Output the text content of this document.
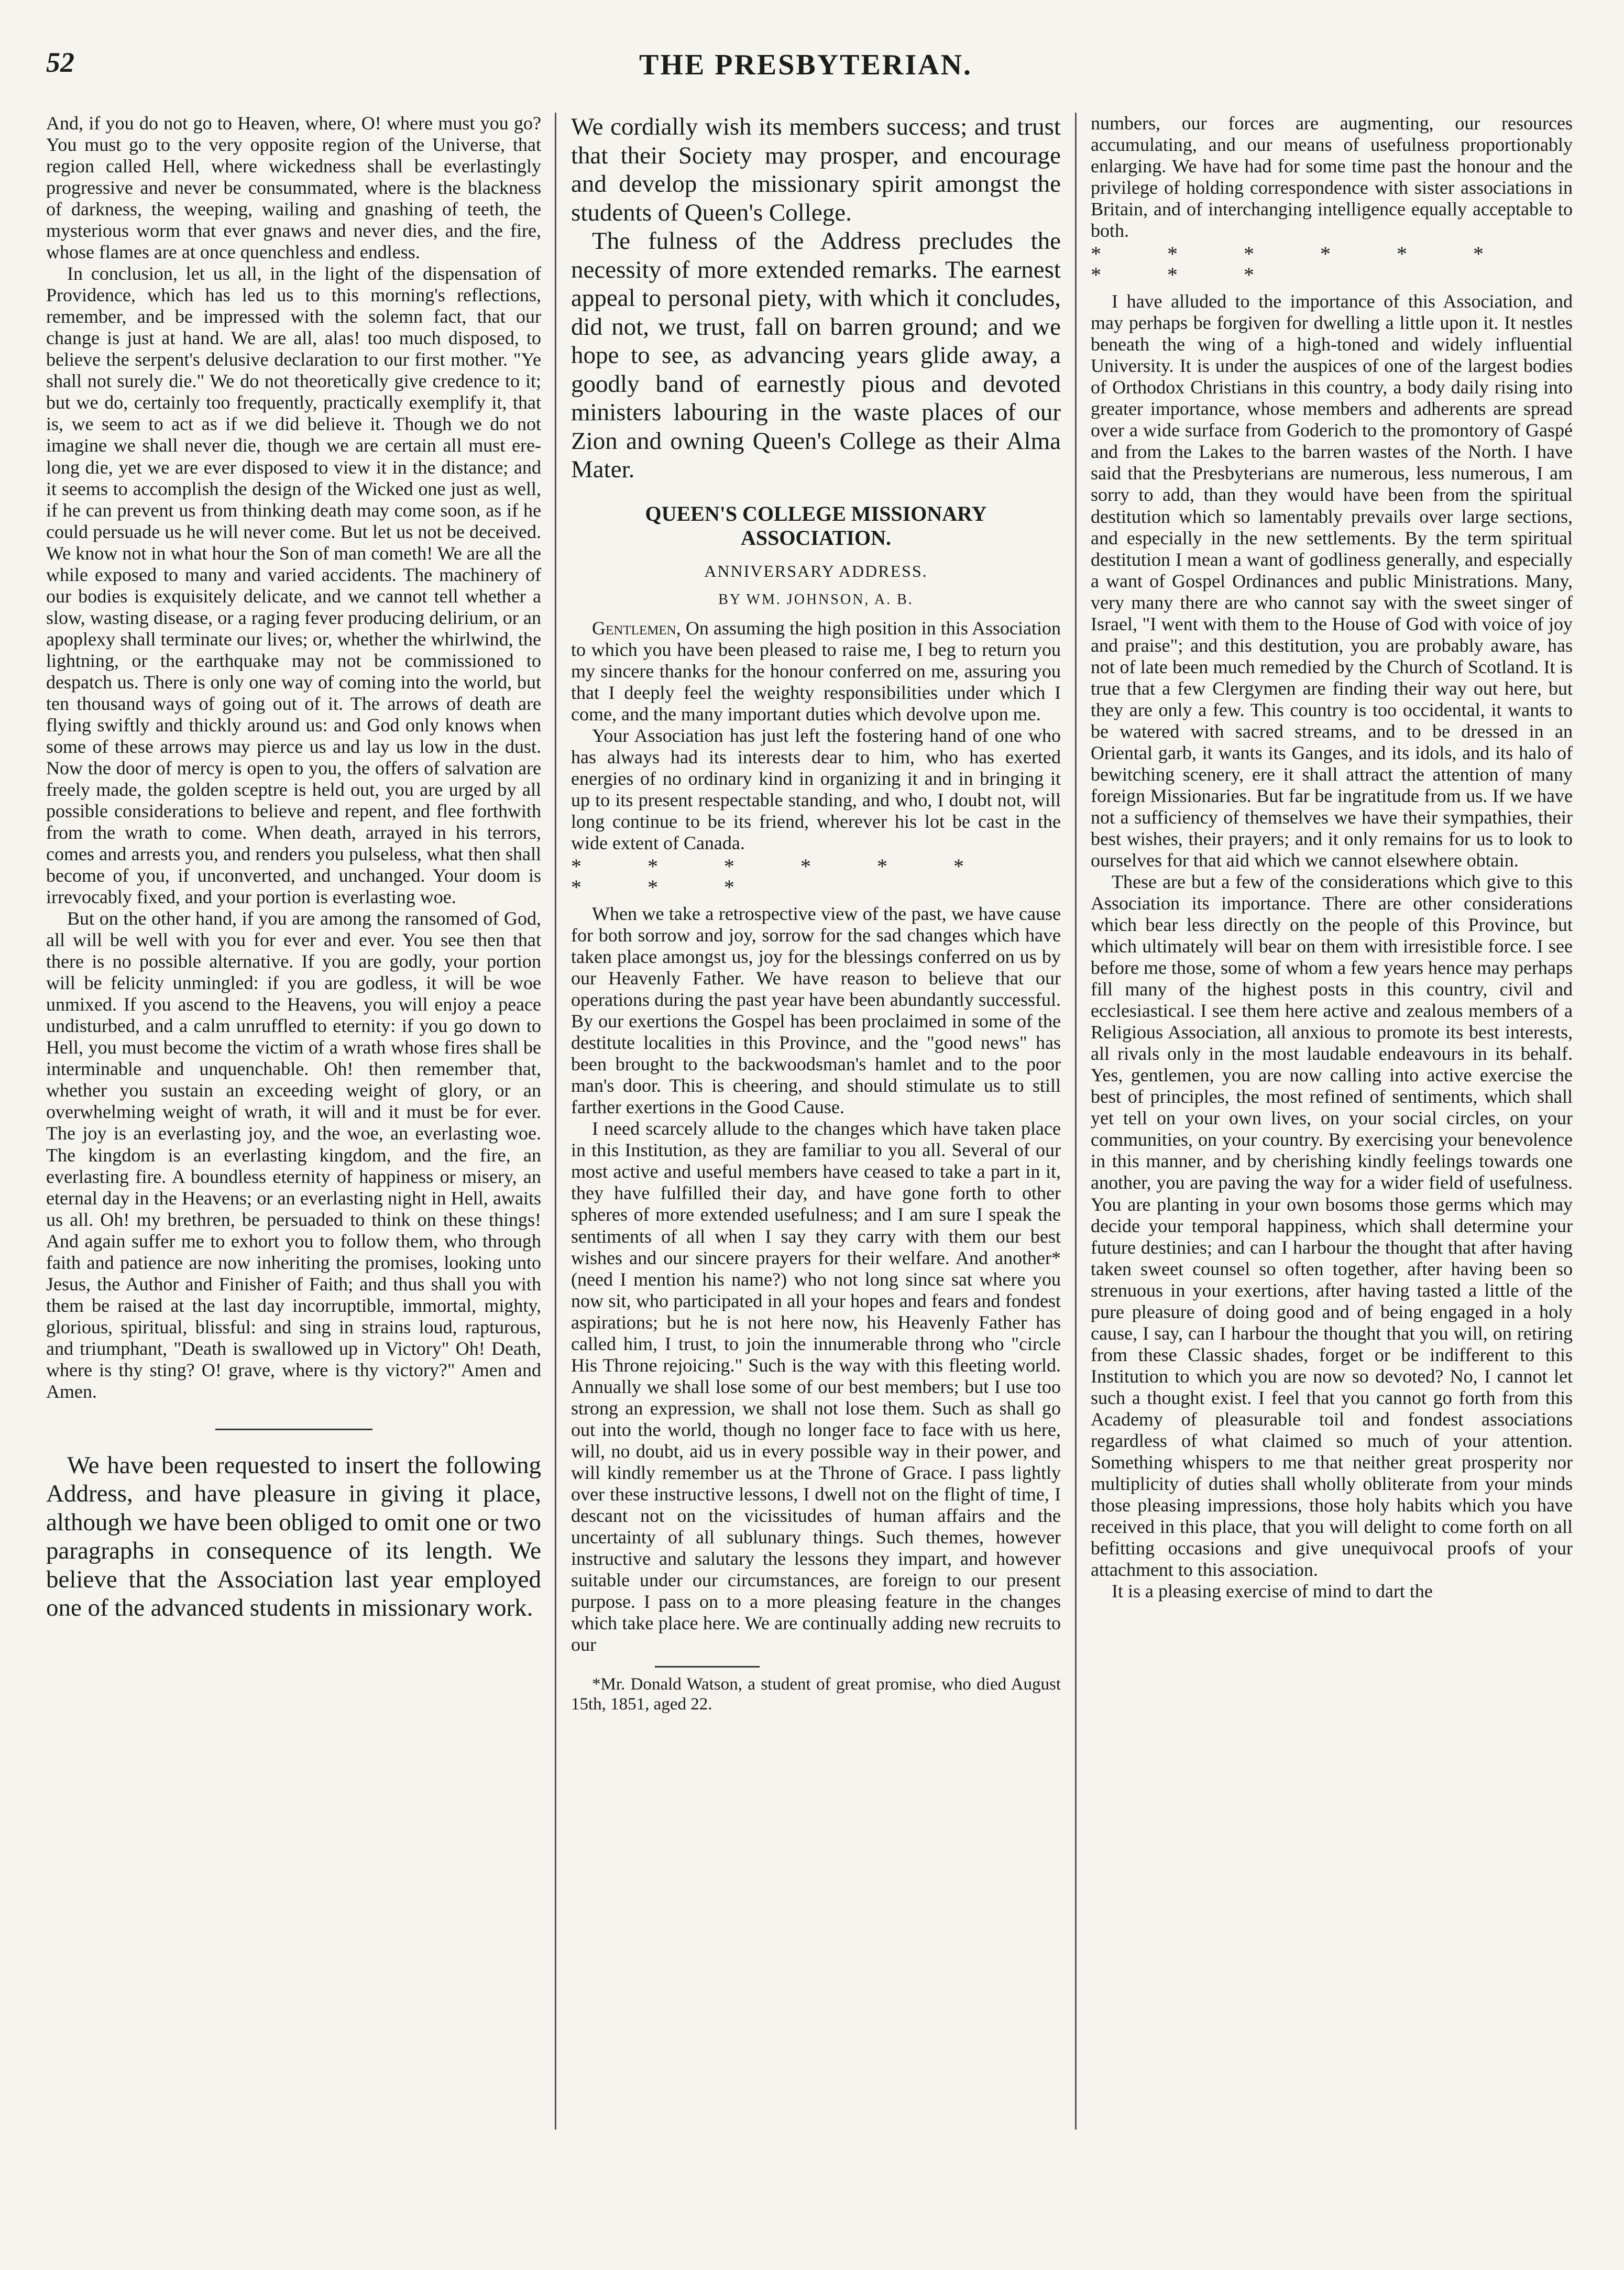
52	THE PRESBYTERIAN.

And, if you do not go to Heaven, where, O! where must you go? You must go to the very opposite region of the Universe, that region called Hell, where wickedness shall be everlastingly progressive and never be consummated, where is the blackness of darkness, the weeping, wailing and gnashing of teeth, the mysterious worm that ever gnaws and never dies, and the fire, whose flames are at once quenchless and endless.

In conclusion, let us all, in the light of the dispensation of Providence, which has led us to this morning's reflections, remember, and be impressed with the solemn fact, that our change is just at hand. We are all, alas! too much disposed, to believe the serpent's delusive declaration to our first mother. "Ye shall not surely die." We do not theoretically give credence to it; but we do, certainly too frequently, practically exemplify it, that is, we seem to act as if we did believe it. Though we do not imagine we shall never die, though we are certain all must ere-long die, yet we are ever disposed to view it in the distance; and it seems to accomplish the design of the Wicked one just as well, if he can prevent us from thinking death may come soon, as if he could persuade us he will never come. But let us not be deceived. We know not in what hour the Son of man cometh! We are all the while exposed to many and varied accidents. The machinery of our bodies is exquisitely delicate, and we cannot tell whether a slow, wasting disease, or a raging fever producing delirium, or an apoplexy shall terminate our lives; or, whether the whirlwind, the lightning, or the earthquake may not be commissioned to despatch us. There is only one way of coming into the world, but ten thousand ways of going out of it. The arrows of death are flying swiftly and thickly around us: and God only knows when some of these arrows may pierce us and lay us low in the dust. Now the door of mercy is open to you, the offers of salvation are freely made, the golden sceptre is held out, you are urged by all possible considerations to believe and repent, and flee forthwith from the wrath to come. When death, arrayed in his terrors, comes and arrests you, and renders you pulseless, what then shall become of you, if unconverted, and unchanged. Your doom is irrevocably fixed, and your portion is everlasting woe.

But on the other hand, if you are among the ransomed of God, all will be well with you for ever and ever. You see then that there is no possible alternative. If you are godly, your portion will be felicity unmingled: if you are godless, it will be woe unmixed. If you ascend to the Heavens, you will enjoy a peace undisturbed, and a calm unruffled to eternity: if you go down to Hell, you must become the victim of a wrath whose fires shall be interminable and unquenchable. Oh! then remember that, whether you sustain an exceeding weight of glory, or an overwhelming weight of wrath, it will and it must be for ever. The joy is an everlasting joy, and the woe, an everlasting woe. The kingdom is an everlasting kingdom, and the fire, an everlasting fire. A boundless eternity of happiness or misery, an eternal day in the Heavens; or an everlasting night in Hell, awaits us all. Oh! my brethren, be persuaded to think on these things! And again suffer me to exhort you to follow them, who through faith and patience are now inheriting the promises, looking unto Jesus, the Author and Finisher of Faith; and thus shall you with them be raised at the last day incorruptible, immortal, mighty, glorious, spiritual, blissful: and sing in strains loud, rapturous, and triumphant, "Death is swallowed up in Victory" Oh! Death, where is thy sting? O! grave, where is thy victory?" Amen and Amen.

We have been requested to insert the following Address, and have pleasure in giving it place, although we have been obliged to omit one or two paragraphs in consequence of its length. We believe that the Association last year employed one of the advanced students in missionary work.

We cordially wish its members success; and trust that their Society may prosper, and encourage and develop the missionary spirit amongst the students of Queen's College.

The fulness of the Address precludes the necessity of more extended remarks. The earnest appeal to personal piety, with which it concludes, did not, we trust, fall on barren ground; and we hope to see, as advancing years glide away, a goodly band of earnestly pious and devoted ministers labouring in the waste places of our Zion and owning Queen's College as their Alma Mater.

QUEEN'S COLLEGE MISSIONARY ASSOCIATION.
ANNIVERSARY ADDRESS.
BY WM. JOHNSON, A. B.

Gentlemen, On assuming the high position in this Association to which you have been pleased to raise me, I beg to return you my sincere thanks for the honour conferred on me, assuring you that I deeply feel the weighty responsibilities under which I come, and the many important duties which devolve upon me.

Your Association has just left the fostering hand of one who has always had its interests dear to him, who has exerted energies of no ordinary kind in organizing it and in bringing it up to its present respectable standing, and who, I doubt not, will long continue to be its friend, wherever his lot be cast in the wide extent of Canada.

* * * * * * * * *

When we take a retrospective view of the past, we have cause for both sorrow and joy, sorrow for the sad changes which have taken place amongst us, joy for the blessings conferred on us by our Heavenly Father. We have reason to believe that our operations during the past year have been abundantly successful. By our exertions the Gospel has been proclaimed in some of the destitute localities in this Province, and the "good news" has been brought to the backwoodsman's hamlet and to the poor man's door. This is cheering, and should stimulate us to still farther exertions in the Good Cause.

I need scarcely allude to the changes which have taken place in this Institution, as they are familiar to you all. Several of our most active and useful members have ceased to take a part in it, they have fulfilled their day, and have gone forth to other spheres of more extended usefulness; and I am sure I speak the sentiments of all when I say they carry with them our best wishes and our sincere prayers for their welfare. And another* (need I mention his name?) who not long since sat where you now sit, who participated in all your hopes and fears and fondest aspirations; but he is not here now, his Heavenly Father has called him, I trust, to join the innumerable throng who "circle His Throne rejoicing." Such is the way with this fleeting world. Annually we shall lose some of our best members; but I use too strong an expression, we shall not lose them. Such as shall go out into the world, though no longer face to face with us here, will, no doubt, aid us in every possible way in their power, and will kindly remember us at the Throne of Grace. I pass lightly over these instructive lessons, I dwell not on the flight of time, I descant not on the vicissitudes of human affairs and the uncertainty of all sublunary things. Such themes, however instructive and salutary the lessons they impart, and however suitable under our circumstances, are foreign to our present purpose. I pass on to a more pleasing feature in the changes which take place here. We are continually adding new recruits to our

*Mr. Donald Watson, a student of great promise, who died August 15th, 1851, aged 22.

numbers, our forces are augmenting, our resources accumulating, and our means of usefulness proportionably enlarging. We have had for some time past the honour and the privilege of holding correspondence with sister associations in Britain, and of interchanging intelligence equally acceptable to both.

* * * * * * * * *

I have alluded to the importance of this Association, and may perhaps be forgiven for dwelling a little upon it. It nestles beneath the wing of a high-toned and widely influential University. It is under the auspices of one of the largest bodies of Orthodox Christians in this country, a body daily rising into greater importance, whose members and adherents are spread over a wide surface from Goderich to the promontory of Gaspé and from the Lakes to the barren wastes of the North. I have said that the Presbyterians are numerous, less numerous, I am sorry to add, than they would have been from the spiritual destitution which so lamentably prevails over large sections, and especially in the new settlements. By the term spiritual destitution I mean a want of godliness generally, and especially a want of Gospel Ordinances and public Ministrations. Many, very many there are who cannot say with the sweet singer of Israel, "I went with them to the House of God with voice of joy and praise"; and this destitution, you are probably aware, has not of late been much remedied by the Church of Scotland. It is true that a few Clergymen are finding their way out here, but they are only a few. This country is too occidental, it wants to be watered with sacred streams, and to be dressed in an Oriental garb, it wants its Ganges, and its idols, and its halo of bewitching scenery, ere it shall attract the attention of many foreign Missionaries. But far be ingratitude from us. If we have not a sufficiency of themselves we have their sympathies, their best wishes, their prayers; and it only remains for us to look to ourselves for that aid which we cannot elsewhere obtain.

These are but a few of the considerations which give to this Association its importance. There are other considerations which bear less directly on the people of this Province, but which ultimately will bear on them with irresistible force. I see before me those, some of whom a few years hence may perhaps fill many of the highest posts in this country, civil and ecclesiastical. I see them here active and zealous members of a Religious Association, all anxious to promote its best interests, all rivals only in the most laudable endeavours in its behalf. Yes, gentlemen, you are now calling into active exercise the best of principles, the most refined of sentiments, which shall yet tell on your own lives, on your social circles, on your communities, on your country. By exercising your benevolence in this manner, and by cherishing kindly feelings towards one another, you are paving the way for a wider field of usefulness. You are planting in your own bosoms those germs which may decide your temporal happiness, which shall determine your future destinies; and can I harbour the thought that after having taken sweet counsel so often together, after having been so strenuous in your exertions, after having tasted a little of the pure pleasure of doing good and of being engaged in a holy cause, I say, can I harbour the thought that you will, on retiring from these Classic shades, forget or be indifferent to this Institution to which you are now so devoted? No, I cannot let such a thought exist. I feel that you cannot go forth from this Academy of pleasurable toil and fondest associations regardless of what claimed so much of your attention. Something whispers to me that neither great prosperity nor multiplicity of duties shall wholly obliterate from your minds those pleasing impressions, those holy habits which you have received in this place, that you will delight to come forth on all befitting occasions and give unequivocal proofs of your attachment to this association.

It is a pleasing exercise of mind to dart the
